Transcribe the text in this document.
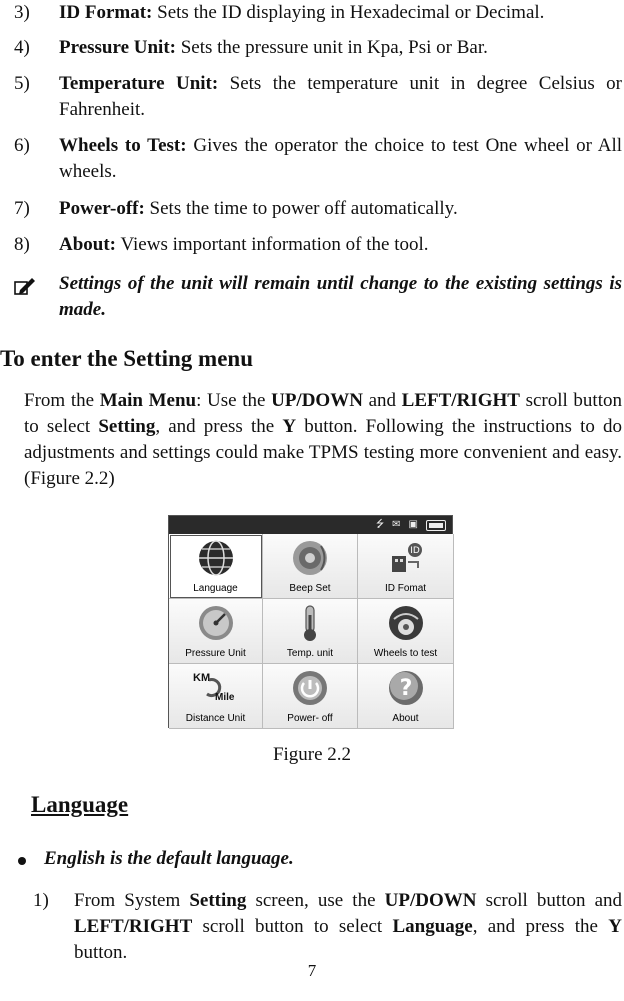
3) ID Format: Sets the ID displaying in Hexadecimal or Decimal.
4) Pressure Unit: Sets the pressure unit in Kpa, Psi or Bar.
5) Temperature Unit: Sets the temperature unit in degree Celsius or Fahrenheit.
6) Wheels to Test: Gives the operator the choice to test One wheel or All wheels.
7) Power-off: Sets the time to power off automatically.
8) About: Views important information of the tool.
Settings of the unit will remain until change to the existing settings is made.
To enter the Setting menu
From the Main Menu: Use the UP/DOWN and LEFT/RIGHT scroll button to select Setting, and press the Y button. Following the instructions to do adjustments and settings could make TPMS testing more convenient and easy. (Figure 2.2)
⭍ ✉ ▣
Language	Beep Set
ID
ID Fomat
Pressure Unit	Temp. unit	Wheels to test
KM
Mile
Distance Unit	Power- off
?
About
Figure 2.2
Language
English is the default language.
1) From System Setting screen, use the UP/DOWN scroll button and LEFT/RIGHT scroll button to select Language, and press the Y button.
7
